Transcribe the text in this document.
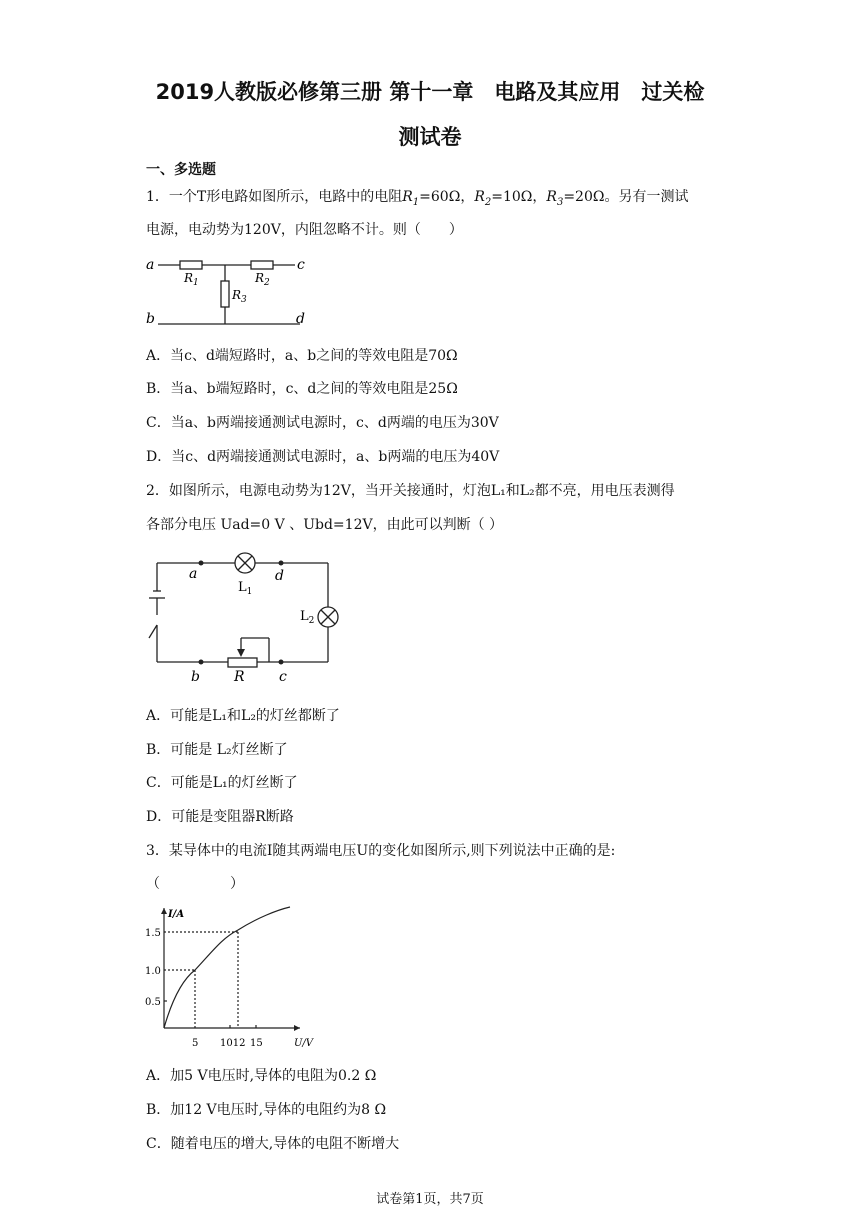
2019人教版必修第三册 第十一章　电路及其应用　过关检
测试卷
一、多选题
1．一个T形电路如图所示，电路中的电阻$R_1=60\Omega$，$R_2=10\Omega$，$R_3=20\Omega$。另有一测试
电源，电动势为120V，内阻忽略不计。则（　　）
a	c
b	d
$R_1$	$R_2$
$R_3$
A．当c、d端短路时，a、b之间的等效电阻是70Ω
B．当a、b端短路时，c、d之间的等效电阻是25Ω
C．当a、b两端接通测试电源时，c、d两端的电压为30V
D．当c、d两端接通测试电源时，a、b两端的电压为40V
2．如图所示，电源电动势为12V，当开关接通时，灯泡L₁和L₂都不亮，用电压表测得
各部分电压 Uad=0 V 、Ubd=12V，由此可以判断（ ）
a	d
b	c
$L_1$
$L_2$
R
A．可能是L₁和L₂的灯丝都断了
B．可能是 L₂灯丝断了
C．可能是L₁的灯丝断了
D．可能是变阻器R断路
3．某导体中的电流I随其两端电压U的变化如图所示,则下列说法中正确的是:
（　　　　　）
I/A
U/V
1.5
1.0
0.5
5 1012 15
A．加5 V电压时,导体的电阻为0.2 Ω
B．加12 V电压时,导体的电阻约为8 Ω
C．随着电压的增大,导体的电阻不断增大
试卷第1页，共7页
